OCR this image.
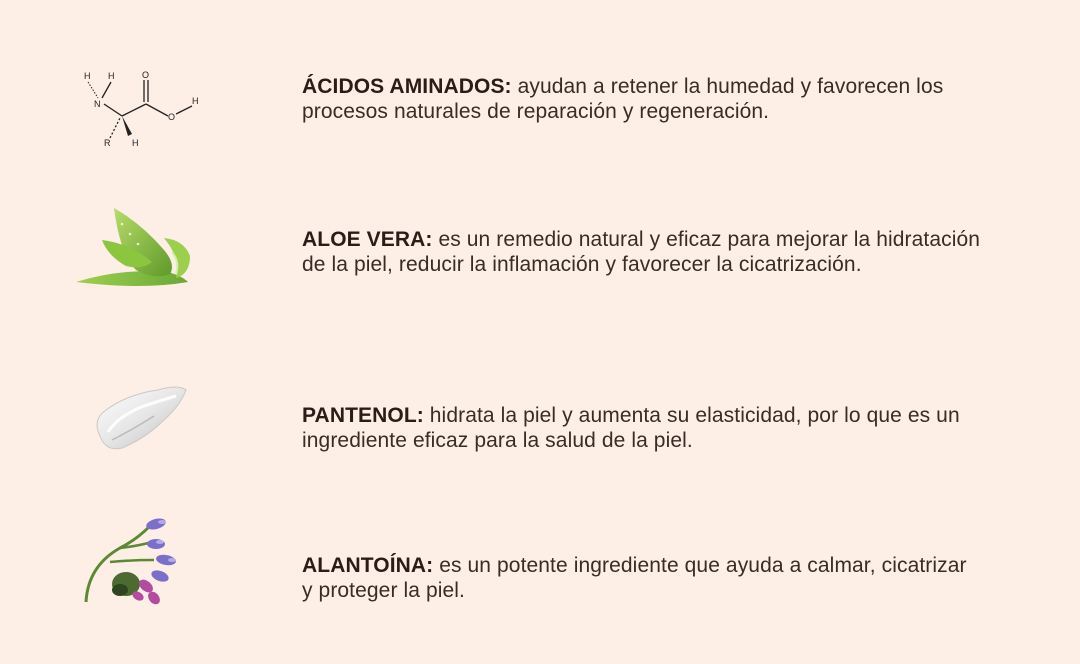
H H
N
O
O
H
R H
ÁCIDOS AMINADOS: ayudan a retener la humedad y favorecen los procesos naturales de reparación y regeneración.
ALOE VERA: es un remedio natural y eficaz para mejorar la hidratación de la piel, reducir la inflamación y favorecer la cicatrización.
PANTENOL: hidrata la piel y aumenta su elasticidad, por lo que es un ingrediente eficaz para la salud de la piel.
ALANTOÍNA: es un potente ingrediente que ayuda a calmar, cicatrizar y proteger la piel.
